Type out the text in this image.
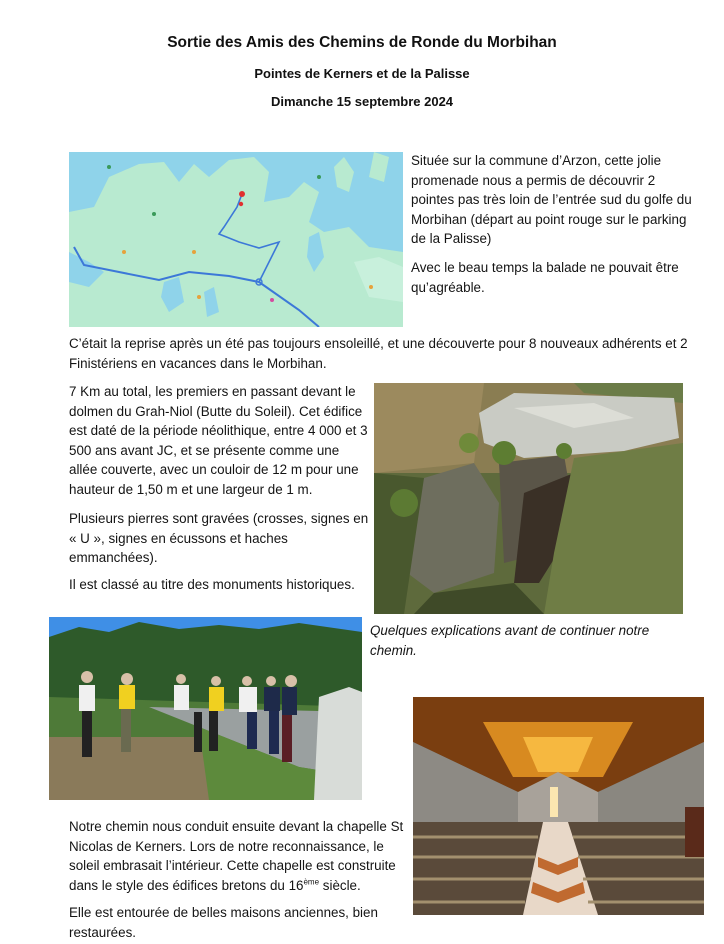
Sortie des Amis des Chemins de Ronde du Morbihan
Pointes de Kerners et de la Palisse
Dimanche 15 septembre 2024

Située sur la commune d’Arzon, cette jolie promenade nous a permis de découvrir 2 pointes pas très loin de l’entrée sud du golfe du Morbihan (départ au point rouge sur le parking de la Palisse)

Avec le beau temps la balade ne pouvait être qu’agréable.

C’était la reprise après un été pas toujours ensoleillé, et une découverte pour 8 nouveaux adhérents et 2 Finistériens en vacances dans le Morbihan.

7 Km au total, les premiers en passant devant le dolmen du Grah-Niol (Butte du Soleil). Cet édifice est daté de la période néolithique, entre 4 000 et 3 500 ans avant JC, et se présente comme une allée couverte, avec un couloir de 12 m pour une hauteur de 1,50 m et une largeur de 1 m.

Plusieurs pierres sont gravées (crosses, signes en « U », signes en écussons et haches emmanchées).

Il est classé au titre des monuments historiques.

Quelques explications avant de continuer notre chemin.

Notre chemin nous conduit ensuite devant la chapelle St Nicolas de Kerners. Lors de notre reconnaissance, le soleil embrasait l’intérieur. Cette chapelle est construite dans le style des édifices bretons du 16ème siècle.

Elle est entourée de belles maisons anciennes, bien restaurées.
